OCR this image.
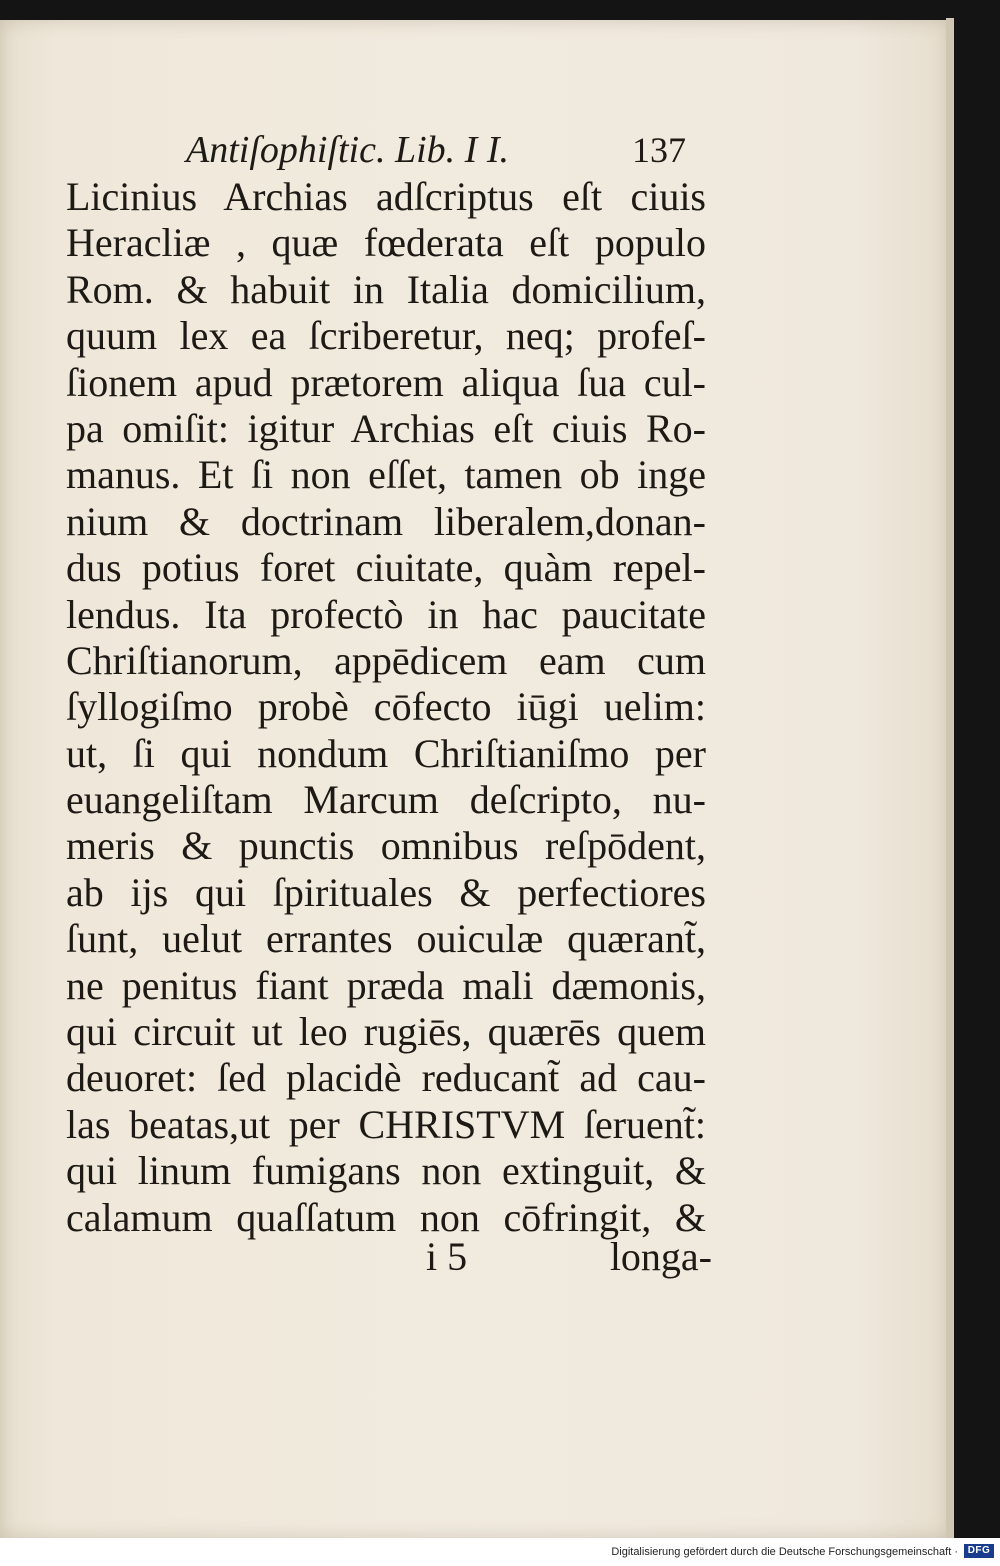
Antiſophiſtic. Lib. I I.	137
Licinius Archias adſcriptus eſt ciuis
Heracliæ , quæ fœderata eſt populo
Rom. & habuit in Italia domicilium,
quum lex ea ſcriberetur, neq; profeſ-
ſionem apud prætorem aliqua ſua cul-
pa omiſit: igitur Archias eſt ciuis Ro-
manus. Et ſi non eſſet, tamen ob inge
nium & doctrinam liberalem,donan-
dus potius foret ciuitate, quàm repel-
lendus. Ita profectò in hac paucitate
Chriſtianorum, appēdicem eam cum
ſyllogiſmo probè cōfecto iūgi uelim:
ut, ſi qui nondum Chriſtianiſmo per
euangeliſtam Marcum deſcripto, nu-
meris & punctis omnibus reſpōdent,
ab ijs qui ſpirituales & perfectiores
ſunt, uelut errantes ouiculæ quærant̃,
ne penitus fiant præda mali dæmonis,
qui circuit ut leo rugiēs, quærēs quem
deuoret: ſed placidè reducant̃ ad cau-
las beatas,ut per CHRISTVM ſeruent̃:
qui linum fumigans non extinguit, &
calamum quaſſatum non cōfringit, &

i 5	longa-
Digitalisierung gefördert durch die Deutsche Forschungsgemeinschaft · DFG
